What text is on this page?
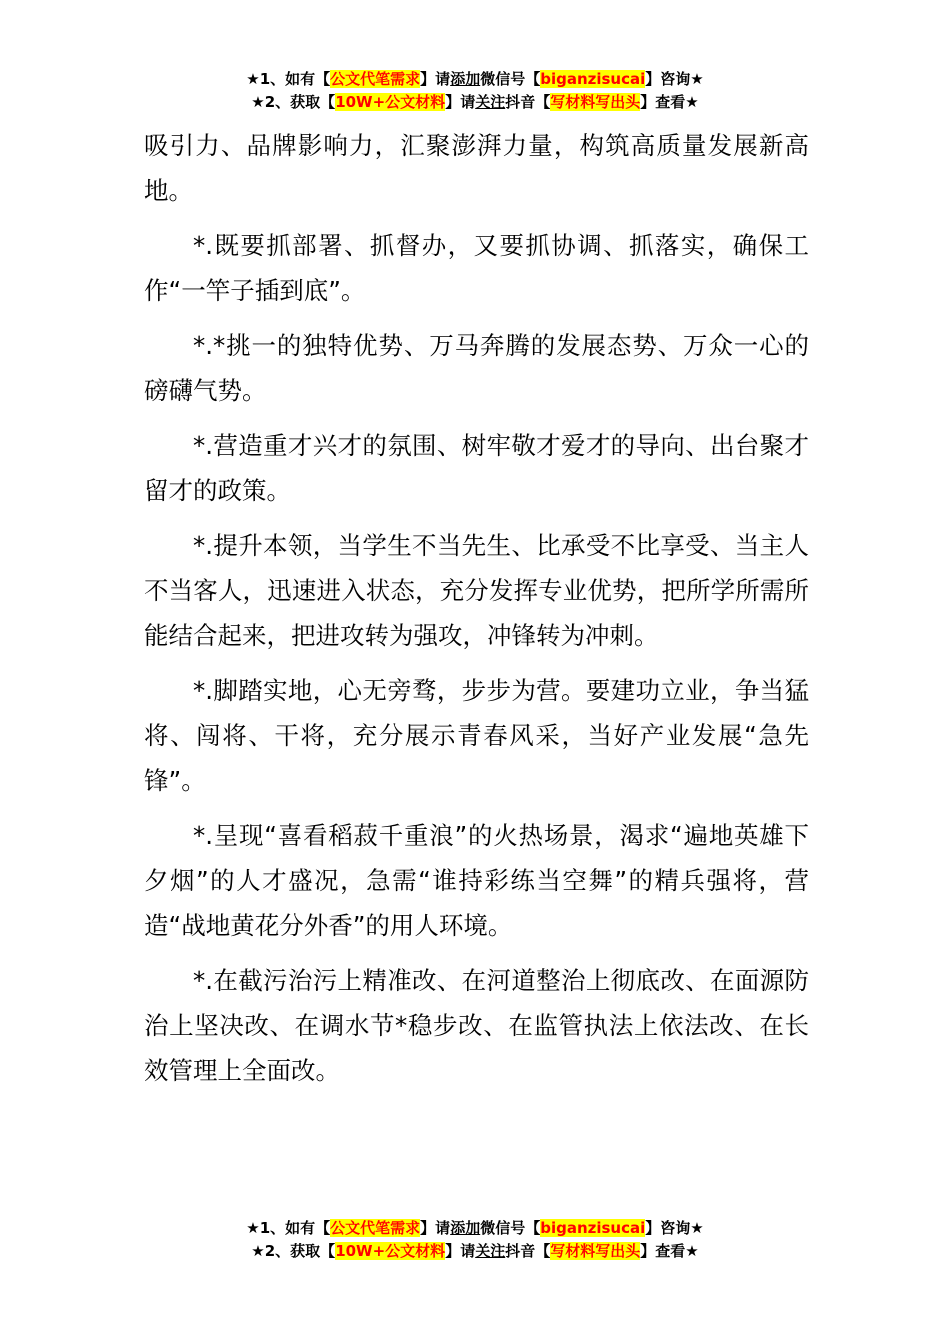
★1、如有【公文代笔需求】请添加微信号【biganzisucai】咨询★
★2、获取【10W+公文材料】请关注抖音【写材料写出头】查看★

吸引力、品牌影响力，汇聚澎湃力量，构筑高质量发展新高地。

*.既要抓部署、抓督办，又要抓协调、抓落实，确保工作“一竿子插到底”。

*.*挑一的独特优势、万马奔腾的发展态势、万众一心的磅礴气势。

*.营造重才兴才的氛围、树牢敬才爱才的导向、出台聚才留才的政策。

*.提升本领，当学生不当先生、比承受不比享受、当主人不当客人，迅速进入状态，充分发挥专业优势，把所学所需所能结合起来，把进攻转为强攻，冲锋转为冲刺。

*.脚踏实地，心无旁骛，步步为营。要建功立业，争当猛将、闯将、干将，充分展示青春风采，当好产业发展“急先锋”。

*.呈现“喜看稻菽千重浪”的火热场景，渴求“遍地英雄下夕烟”的人才盛况，急需“谁持彩练当空舞”的精兵强将，营造“战地黄花分外香”的用人环境。

*.在截污治污上精准改、在河道整治上彻底改、在面源防治上坚决改、在调水节*稳步改、在监管执法上依法改、在长效管理上全面改。

★1、如有【公文代笔需求】请添加微信号【biganzisucai】咨询★
★2、获取【10W+公文材料】请关注抖音【写材料写出头】查看★
